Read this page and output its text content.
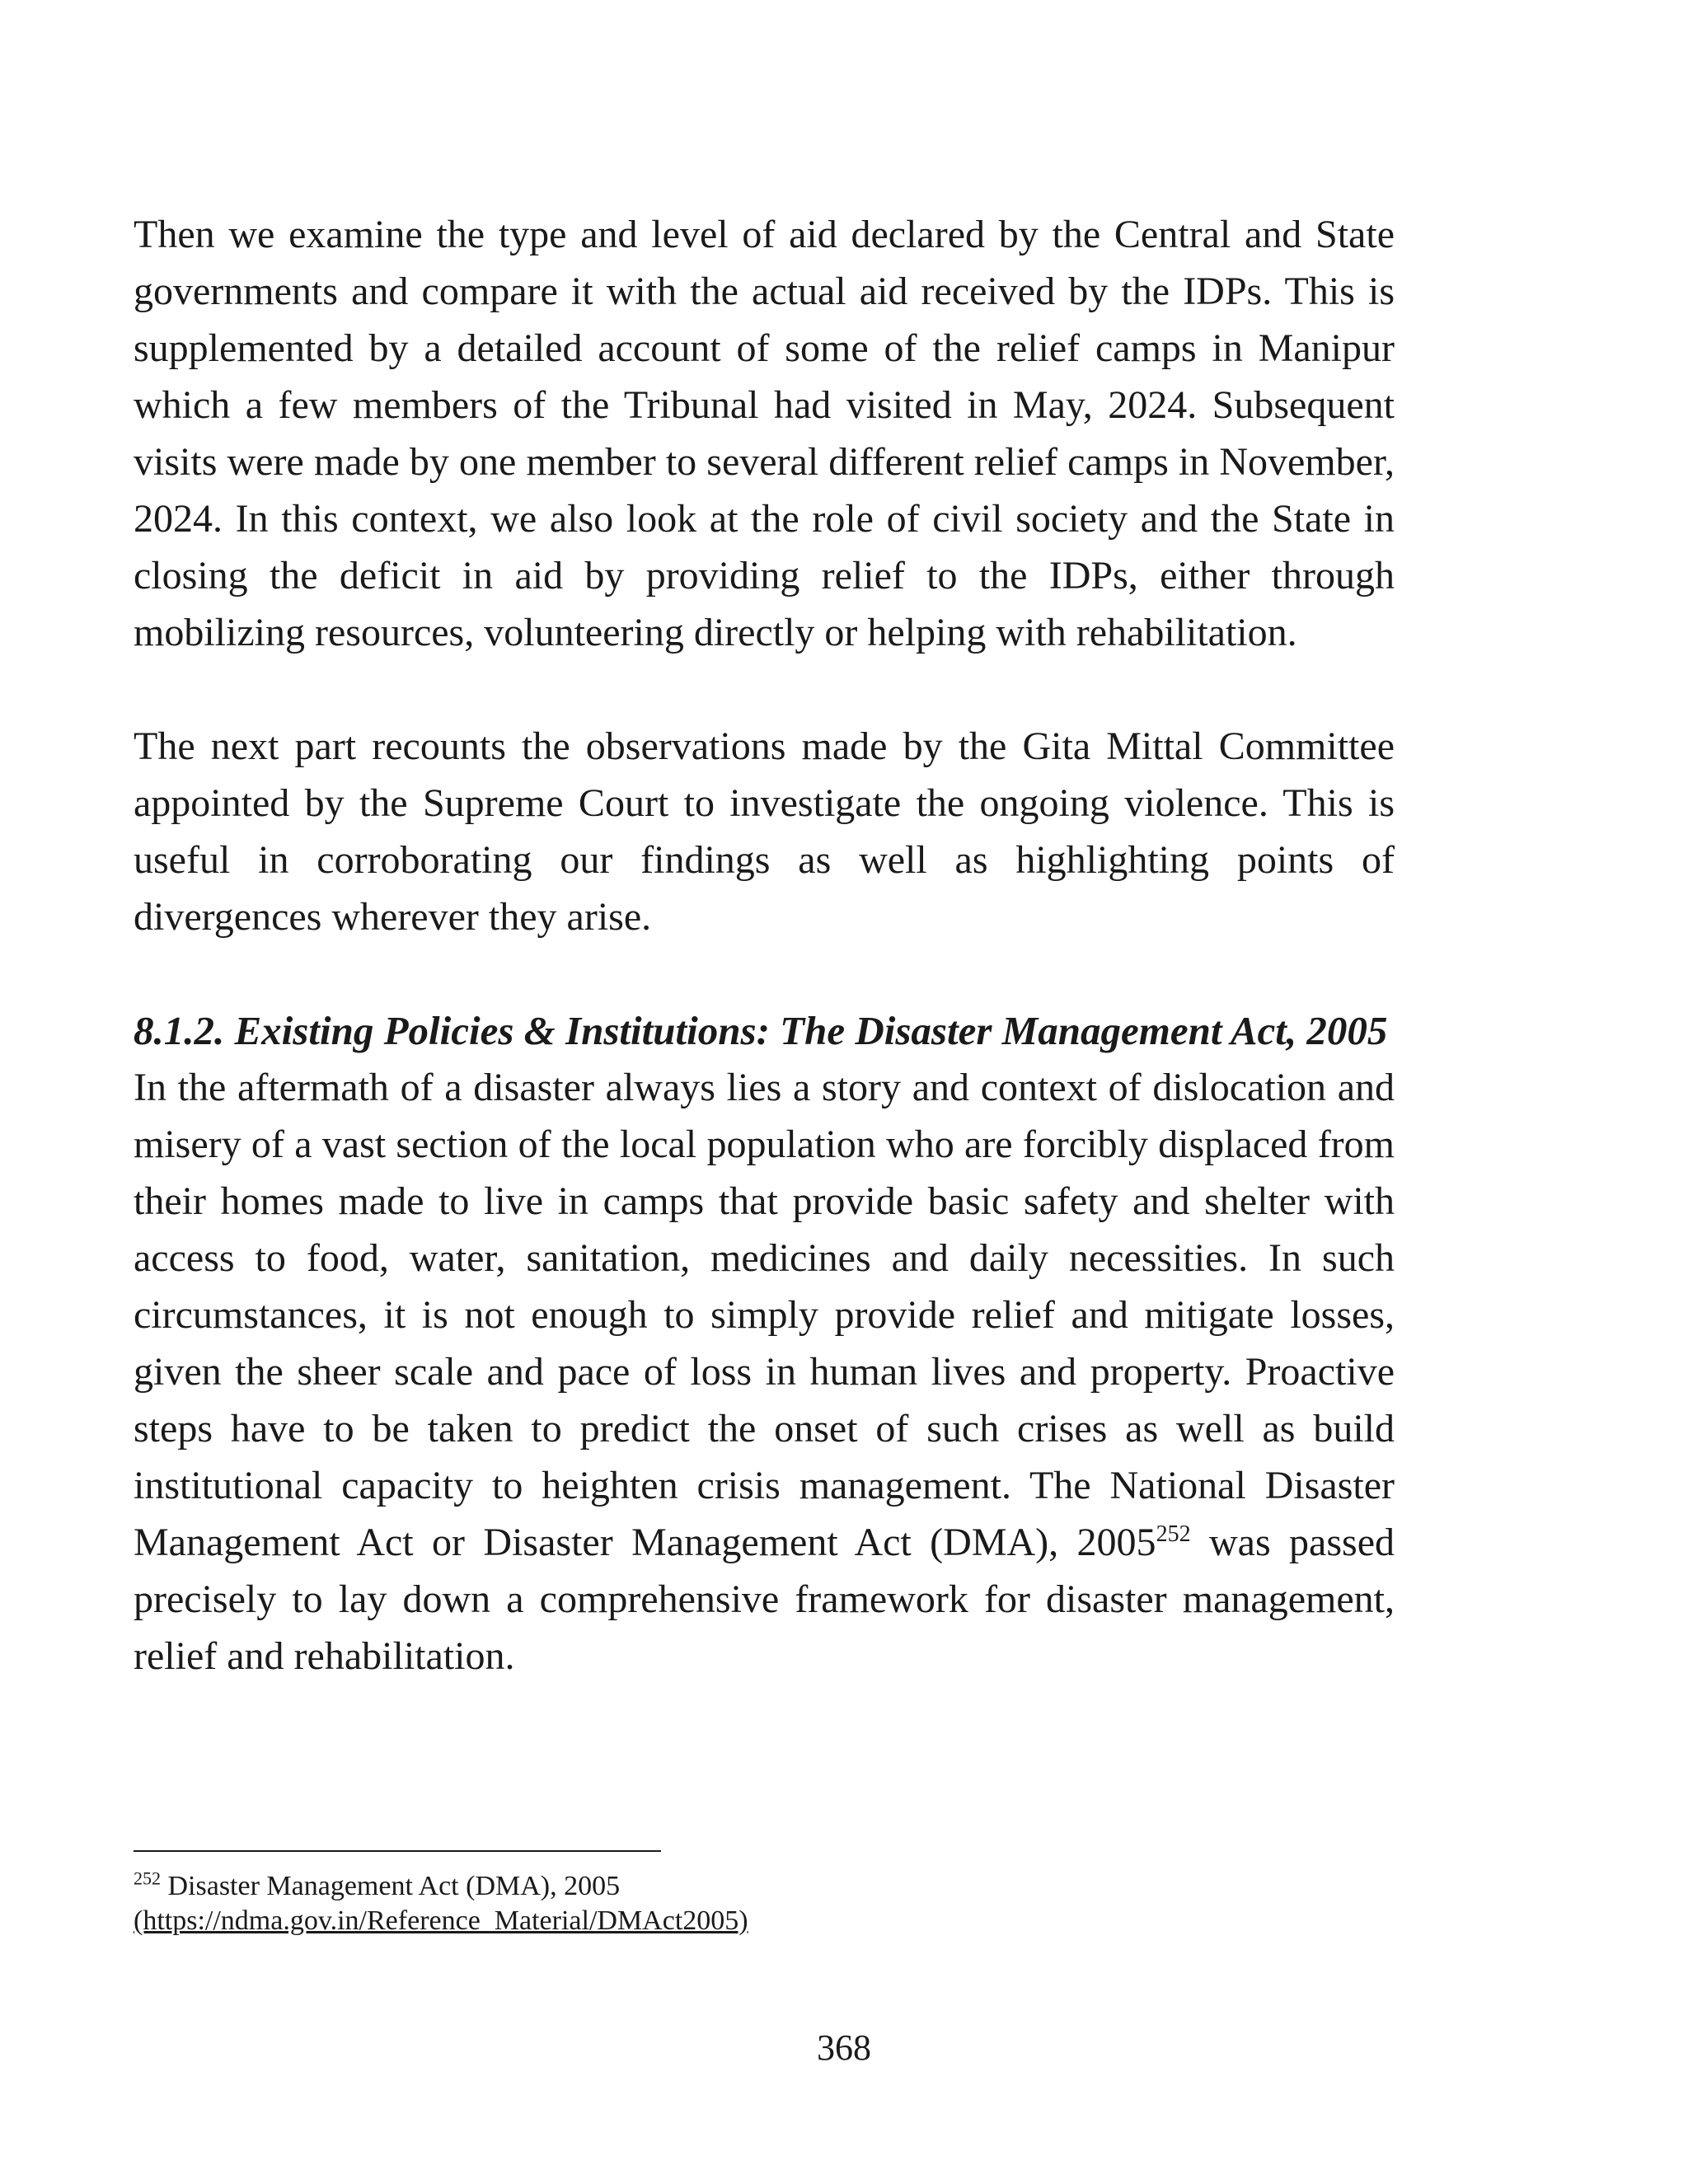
Then we examine the type and level of aid declared by the Central and State governments and compare it with the actual aid received by the IDPs. This is supplemented by a detailed account of some of the relief camps in Manipur which a few members of the Tribunal had visited in May, 2024. Subsequent visits were made by one member to several different relief camps in November, 2024. In this context, we also look at the role of civil society and the State in closing the deficit in aid by providing relief to the IDPs, either through mobilizing resources, volunteering directly or helping with rehabilitation.

The next part recounts the observations made by the Gita Mittal Committee appointed by the Supreme Court to investigate the ongoing violence. This is useful in corroborating our findings as well as highlighting points of divergences wherever they arise.

8.1.2. Existing Policies & Institutions: The Disaster Management Act, 2005

In the aftermath of a disaster always lies a story and context of dislocation and misery of a vast section of the local population who are forcibly displaced from their homes made to live in camps that provide basic safety and shelter with access to food, water, sanitation, medicines and daily necessities. In such circumstances, it is not enough to simply provide relief and mitigate losses, given the sheer scale and pace of loss in human lives and property. Proactive steps have to be taken to predict the onset of such crises as well as build institutional capacity to heighten crisis management. The National Disaster Management Act or Disaster Management Act (DMA), 2005$^{252}$ was passed precisely to lay down a comprehensive framework for disaster management, relief and rehabilitation.

$^{252}$ Disaster Management Act (DMA), 2005
(https://ndma.gov.in/Reference_Material/DMAct2005)
368
